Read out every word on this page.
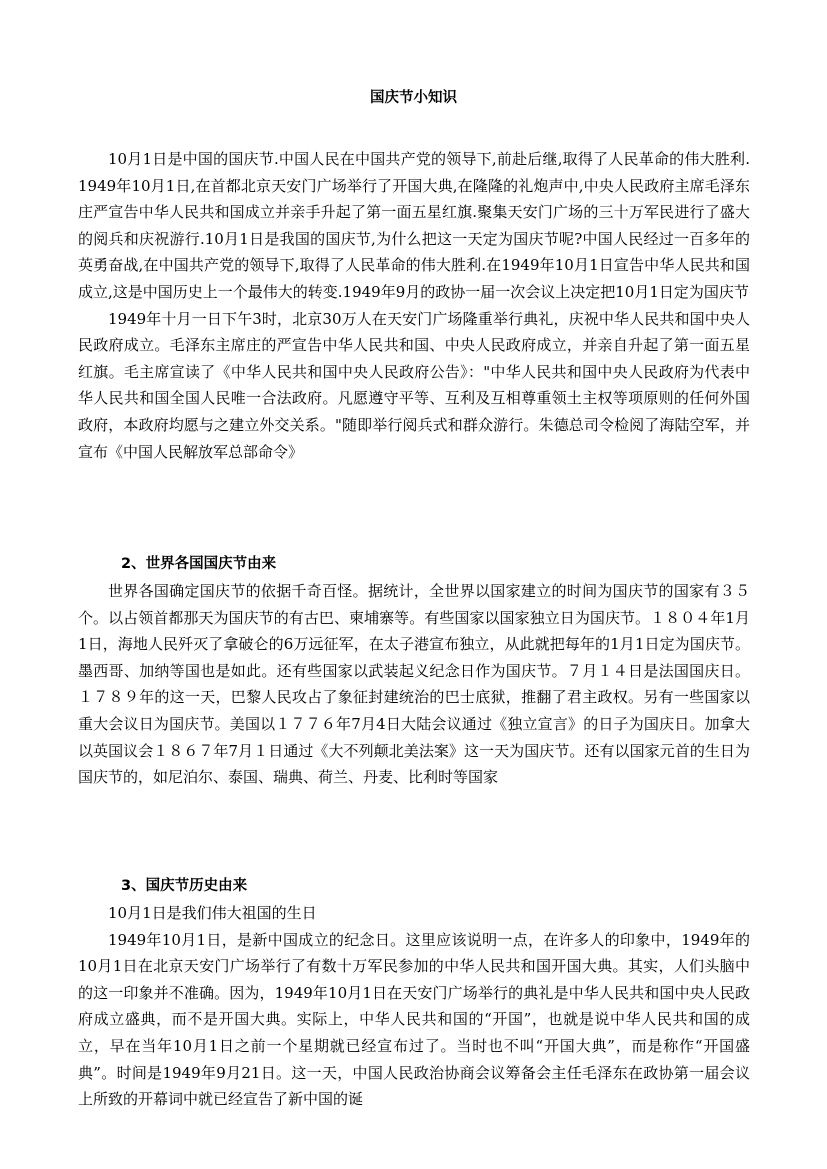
国庆节小知识

10月1日是中国的国庆节.中国人民在中国共产党的领导下,前赴后继,取得了人民革命的伟大胜利. 1949年10月1日,在首都北京天安门广场举行了开国大典,在隆隆的礼炮声中,中央人民政府主席毛泽东庄严宣告中华人民共和国成立并亲手升起了第一面五星红旗.聚集天安门广场的三十万军民进行了盛大的阅兵和庆祝游行.10月1日是我国的国庆节,为什么把这一天定为国庆节呢?中国人民经过一百多年的英勇奋战,在中国共产党的领导下,取得了人民革命的伟大胜利.在1949年10月1日宣告中华人民共和国成立,这是中国历史上一个最伟大的转变.1949年9月的政协一届一次会议上决定把10月1日定为国庆节

1949年十月一日下午3时，北京30万人在天安门广场隆重举行典礼，庆祝中华人民共和国中央人民政府成立。毛泽东主席庄的严宣告中华人民共和国、中央人民政府成立，并亲自升起了第一面五星红旗。毛主席宣读了《中华人民共和国中央人民政府公告》："中华人民共和国中央人民政府为代表中华人民共和国全国人民唯一合法政府。凡愿遵守平等、互利及互相尊重领土主权等项原则的任何外国政府，本政府均愿与之建立外交关系。"随即举行阅兵式和群众游行。朱德总司令检阅了海陆空军，并宣布《中国人民解放军总部命令》

2、世界各国国庆节由来

世界各国确定国庆节的依据千奇百怪。据统计，全世界以国家建立的时间为国庆节的国家有３５个。以占领首都那天为国庆节的有古巴、柬埔寨等。有些国家以国家独立日为国庆节。１８０４年1月1日，海地人民歼灭了拿破仑的6万远征军，在太子港宣布独立，从此就把每年的1月1日定为国庆节。墨西哥、加纳等国也是如此。还有些国家以武装起义纪念日作为国庆节。７月１４日是法国国庆日。１７８９年的这一天，巴黎人民攻占了象征封建统治的巴士底狱，推翻了君主政权。另有一些国家以重大会议日为国庆节。美国以１７７６年7月4日大陆会议通过《独立宣言》的日子为国庆日。加拿大以英国议会１８６７年7月１日通过《大不列颠北美法案》这一天为国庆节。还有以国家元首的生日为国庆节的，如尼泊尔、泰国、瑞典、荷兰、丹麦、比利时等国家

3、国庆节历史由来

10月1日是我们伟大祖国的生日

1949年10月1日，是新中国成立的纪念日。这里应该说明一点，在许多人的印象中，1949年的10月1日在北京天安门广场举行了有数十万军民参加的中华人民共和国开国大典。其实，人们头脑中的这一印象并不准确。因为，1949年10月1日在天安门广场举行的典礼是中华人民共和国中央人民政府成立盛典，而不是开国大典。实际上，中华人民共和国的“开国”，也就是说中华人民共和国的成立，早在当年10月1日之前一个星期就已经宣布过了。当时也不叫“开国大典”，而是称作“开国盛典”。时间是1949年9月21日。这一天，中国人民政治协商会议筹备会主任毛泽东在政协第一届会议上所致的开幕词中就已经宣告了新中国的诞
